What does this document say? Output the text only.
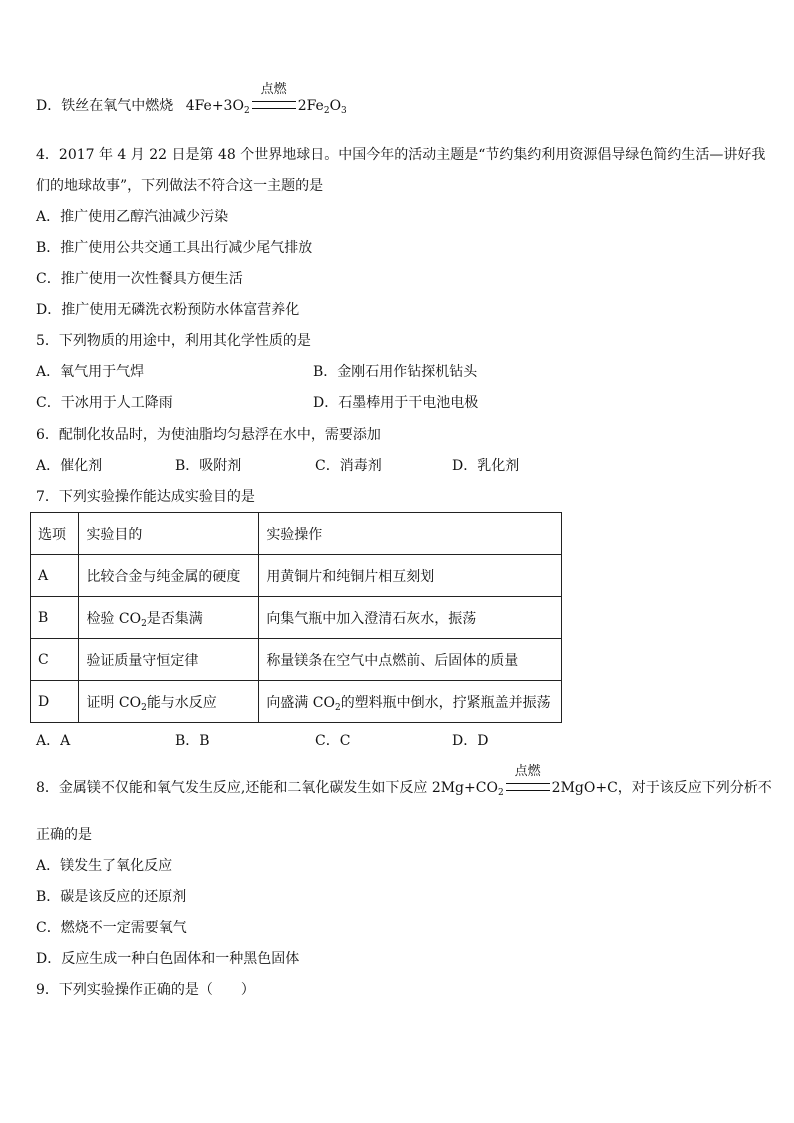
D．铁丝在氧气中燃烧 $4Fe+3O_2$
点燃
$2Fe_2O_3$
4．2017 年 4 月 22 日是第 48 个世界地球日。中国今年的活动主题是“节约集约利用资源倡导绿色简约生活—讲好我
们的地球故事”，下列做法不符合这一主题的是
A．推广使用乙醇汽油减少污染
B．推广使用公共交通工具出行减少尾气排放
C．推广使用一次性餐具方便生活
D．推广使用无磷洗衣粉预防水体富营养化
5．下列物质的用途中，利用其化学性质的是
A．氧气用于气焊	B．金刚石用作钻探机钻头
C．干冰用于人工降雨	D．石墨棒用于干电池电极
6．配制化妆品时，为使油脂均匀悬浮在水中，需要添加
A．催化剂	B．吸附剂	C．消毒剂	D．乳化剂
7．下列实验操作能达成实验目的是
选项	实验目的	实验操作
A	比较合金与纯金属的硬度	用黄铜片和纯铜片相互刻划
B	检验 $CO_2$是否集满	向集气瓶中加入澄清石灰水，振荡
C	验证质量守恒定律	称量镁条在空气中点燃前、后固体的质量
D	证明 $CO_2$能与水反应	向盛满 $CO_2$的塑料瓶中倒水，拧紧瓶盖并振荡
A．A	B．B	C．C	D．D
8．金属镁不仅能和氧气发生反应,还能和二氧化碳发生如下反应 $2Mg+CO_2$
点燃
2MgO+C，对于该反应下列分析不
正确的是
A．镁发生了氧化反应
B．碳是该反应的还原剂
C．燃烧不一定需要氧气
D．反应生成一种白色固体和一种黑色固体
9．下列实验操作正确的是（　　）
